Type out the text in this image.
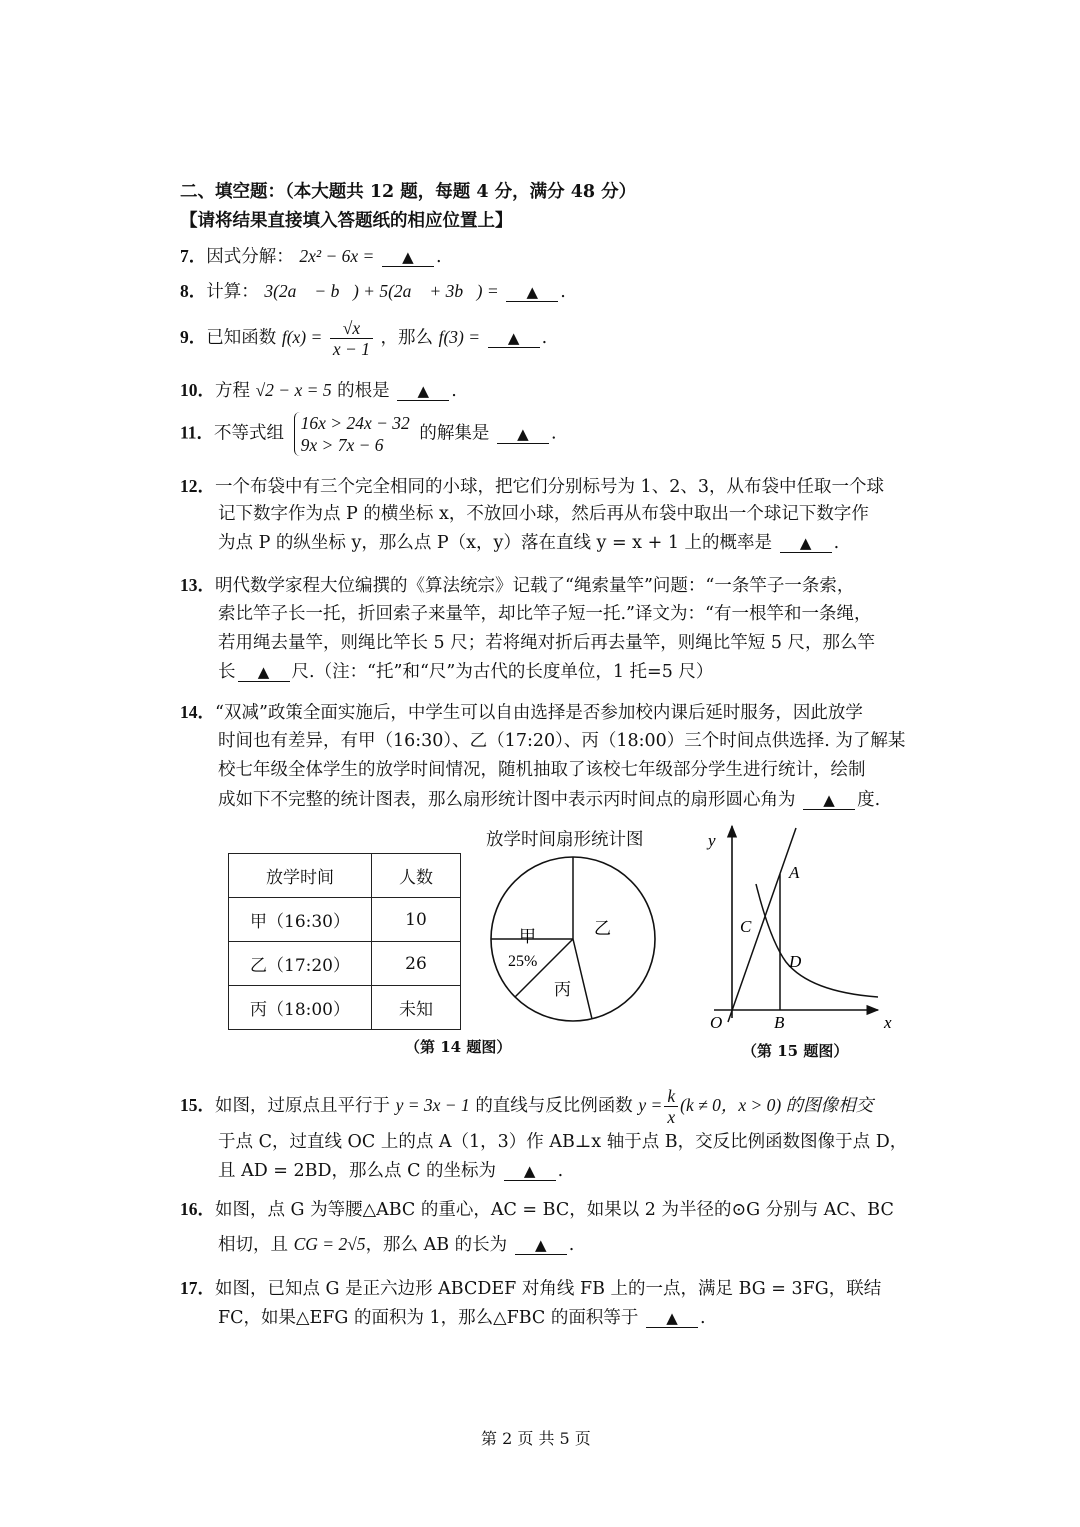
二、填空题：（本大题共 12 题，每题 4 分，满分 48 分）
【请将结果直接填入答题纸的相应位置上】
7．因式分解： 2x² − 6x = ▲ .
8．计算： 3(2a⃗ − b⃗) + 5(2a⃗ + 3b⃗) = ▲ .
9．已知函数 $f(x) = \frac{√x}{x - 1}$ ，那么 f(3) = ▲ .
10．方程 √2 − x = 5 的根是 ▲ .
11．不等式组
16x > 24x − 32
9x > 7x − 6
的解集是 ▲ .
12．一个布袋中有三个完全相同的小球，把它们分别标号为 1、2、3，从布袋中任取一个球
记下数字作为点 P 的横坐标 x，不放回小球，然后再从布袋中取出一个球记下数字作
为点 P 的纵坐标 y，那么点 P（x，y）落在直线 y = x + 1 上的概率是 ▲ .
13．明代数学家程大位编撰的《算法统宗》记载了“绳索量竿”问题：“一条竿子一条索，
索比竿子长一托，折回索子来量竿，却比竿子短一托.”译文为：“有一根竿和一条绳，
若用绳去量竿，则绳比竿长 5 尺；若将绳对折后再去量竿，则绳比竿短 5 尺，那么竿
长 ▲ 尺.（注：“托”和“尺”为古代的长度单位，1 托=5 尺）
14．“双减”政策全面实施后，中学生可以自由选择是否参加校内课后延时服务，因此放学
时间也有差异，有甲（16:30）、乙（17:20）、丙（18:00）三个时间点供选择. 为了解某
校七年级全体学生的放学时间情况，随机抽取了该校七年级部分学生进行统计，绘制
成如下不完整的统计图表，那么扇形统计图中表示丙时间点的扇形圆心角为 ▲ 度.
放学时间	人数
甲（16:30）	10
乙（17:20）	26
丙（18:00）	未知
放学时间扇形统计图
甲
25%
乙
丙
（第 14 题图）
y
x
O
A
B
C
D
（第 15 题图）
15．如图，过原点且平行于 y = 3x − 1 的直线与反比例函数 $y = \frac{k}{x} (k \ne 0$，x > 0) 的图像相交
于点 C，过直线 OC 上的点 A（1，3）作 AB⊥x 轴于点 B，交反比例函数图像于点 D，
且 AD = 2BD，那么点 C 的坐标为 ▲ .
16．如图，点 G 为等腰△ABC 的重心，AC = BC，如果以 2 为半径的⊙G 分别与 AC、BC
相切，且 CG = 2√5，那么 AB 的长为 ▲ .
17．如图，已知点 G 是正六边形 ABCDEF 对角线 FB 上的一点，满足 BG = 3FG，联结
FC，如果△EFG 的面积为 1，那么△FBC 的面积等于 ▲ .
第 2 页 共 5 页
